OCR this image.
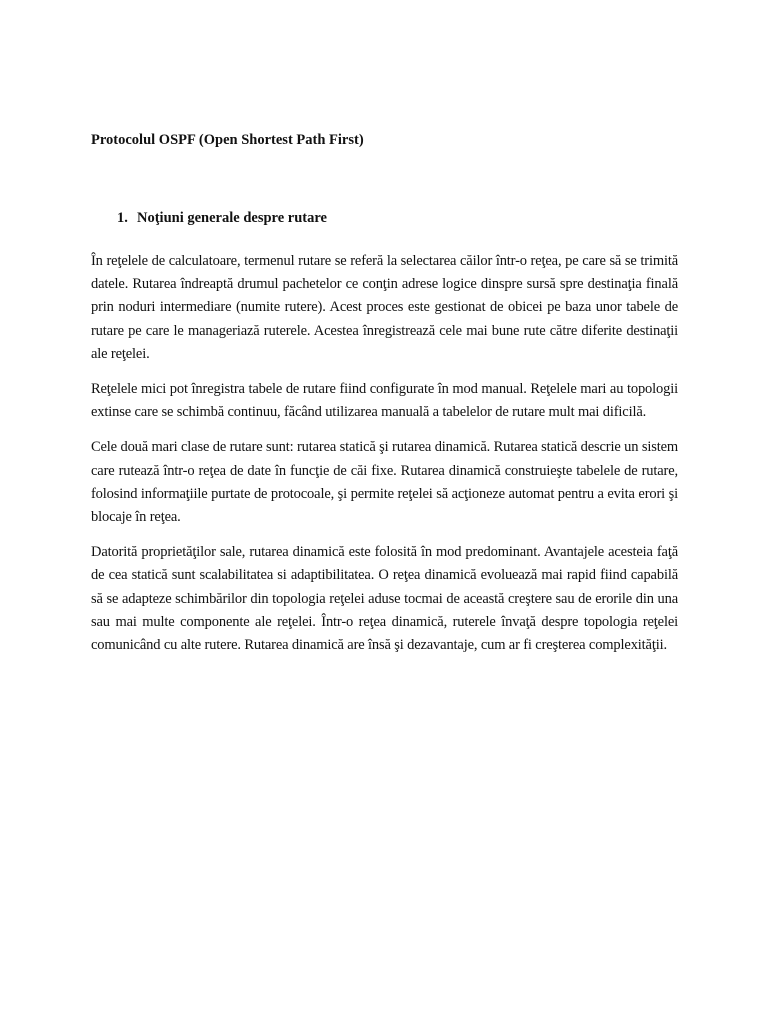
Protocolul OSPF (Open Shortest Path First)
1. Noţiuni generale despre rutare

În reţelele de calculatoare, termenul rutare se referă la selectarea căilor într-o reţea, pe care să se trimită datele. Rutarea îndreaptă drumul pachetelor ce conţin adrese logice dinspre sursă spre destinaţia finală prin noduri intermediare (numite rutere). Acest proces este gestionat de obicei pe baza unor tabele de rutare pe care le manageriază ruterele. Acestea înregistrează cele mai bune rute către diferite destinaţii ale reţelei.

Reţelele mici pot înregistra tabele de rutare fiind configurate în mod manual. Reţelele mari au topologii extinse care se schimbă continuu, făcând utilizarea manuală a tabelelor de rutare mult mai dificilă.

Cele două mari clase de rutare sunt: rutarea statică şi rutarea dinamică. Rutarea statică descrie un sistem care rutează într-o reţea de date în funcţie de căi fixe. Rutarea dinamică construieşte tabelele de rutare, folosind informaţiile purtate de protocoale, şi permite reţelei să acţioneze automat pentru a evita erori şi blocaje în reţea.

Datorită proprietăţilor sale, rutarea dinamică este folosită în mod predominant. Avantajele acesteia faţă de cea statică sunt scalabilitatea si adaptibilitatea. O reţea dinamică evoluează mai rapid fiind capabilă să se adapteze schimbărilor din topologia reţelei aduse tocmai de această creştere sau de erorile din una sau mai multe componente ale reţelei. Într-o reţea dinamică, ruterele învaţă despre topologia reţelei comunicând cu alte rutere. Rutarea dinamică are însă şi dezavantaje, cum ar fi creşterea complexităţii.
